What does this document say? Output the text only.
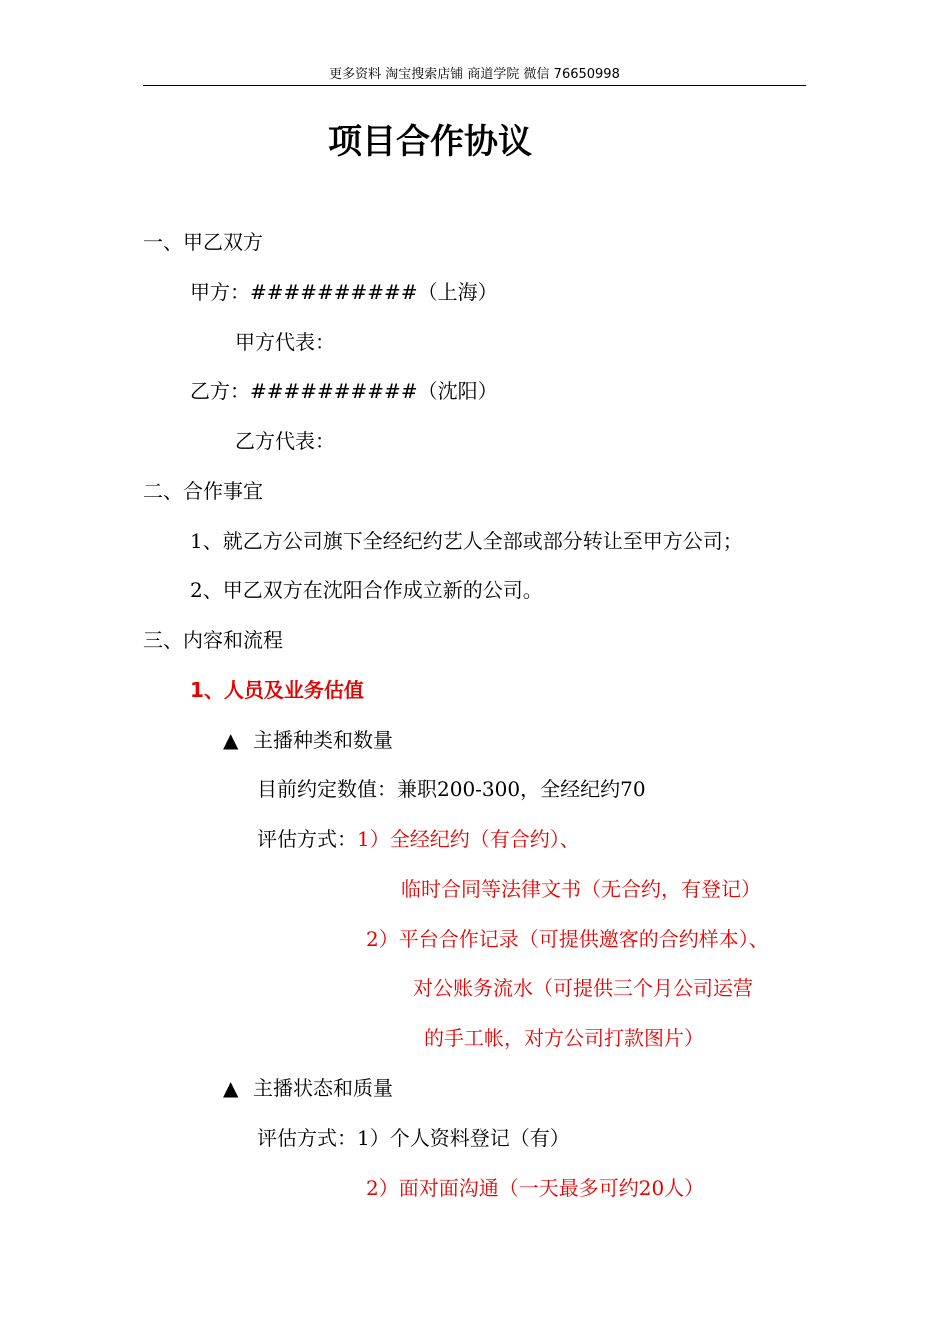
更多资料 淘宝搜索店铺 商道学院 微信 76650998
项目合作协议
一、甲乙双方
甲方：##########（上海）
甲方代表：
乙方：##########（沈阳）
乙方代表：
二、合作事宜
1、就乙方公司旗下全经纪约艺人全部或部分转让至甲方公司；
2、甲乙双方在沈阳合作成立新的公司。
三、内容和流程
1、人员及业务估值
▲ 主播种类和数量
目前约定数值：兼职200-300，全经纪约70
评估方式：1）全经纪约（有合约）、
临时合同等法律文书（无合约，有登记）
2）平台合作记录（可提供邀客的合约样本）、
对公账务流水（可提供三个月公司运营
的手工帐，对方公司打款图片）
▲ 主播状态和质量
评估方式：1）个人资料登记（有）
2）面对面沟通（一天最多可约20人）
